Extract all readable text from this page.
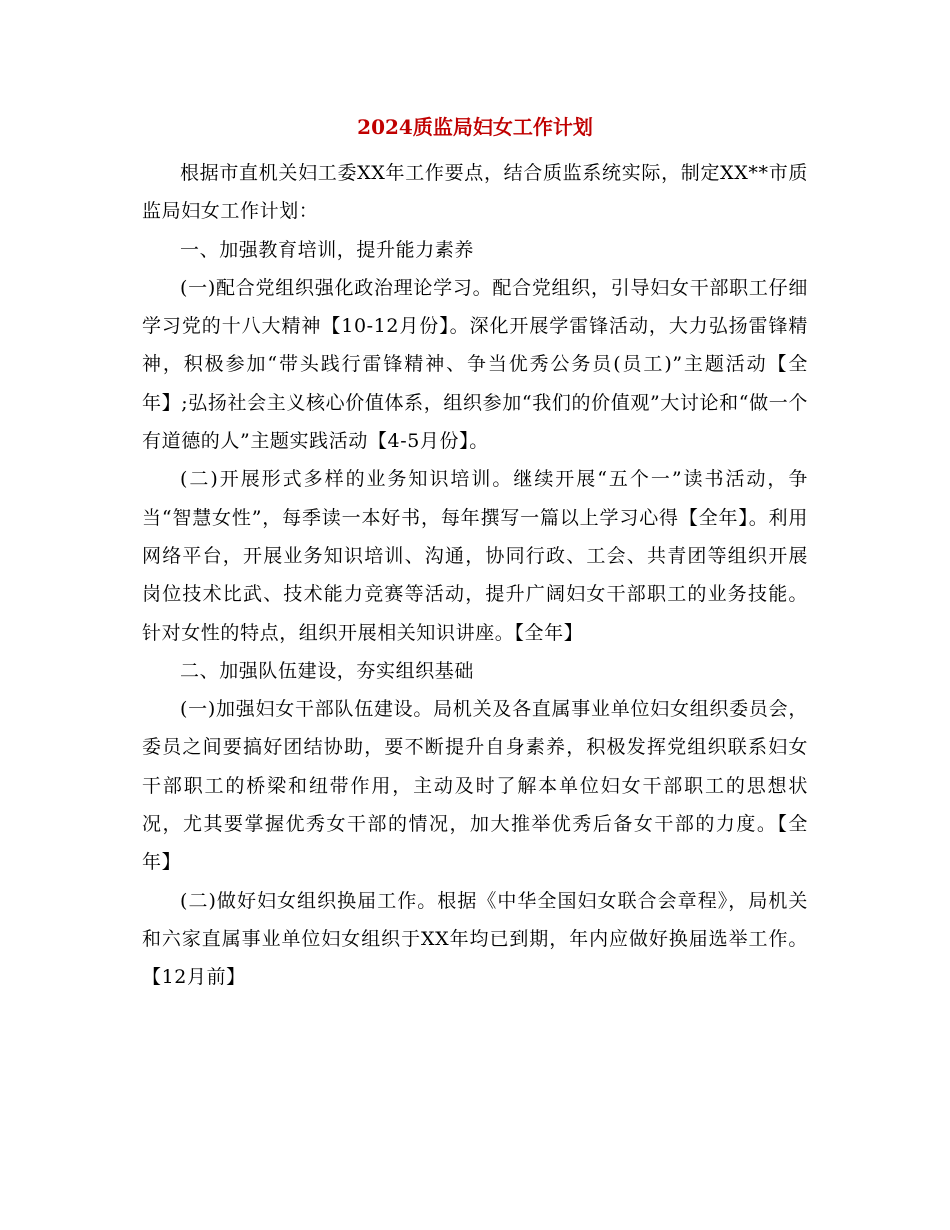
2024质监局妇女工作计划

根据市直机关妇工委XX年工作要点，结合质监系统实际，制定XX**市质监局妇女工作计划：

一、加强教育培训，提升能力素养

(一)配合党组织强化政治理论学习。配合党组织，引导妇女干部职工仔细学习党的十八大精神【10-12月份】。深化开展学雷锋活动，大力弘扬雷锋精神，积极参加“带头践行雷锋精神、争当优秀公务员(员工)”主题活动【全年】;弘扬社会主义核心价值体系，组织参加“我们的价值观”大讨论和“做一个有道德的人”主题实践活动【4-5月份】。

(二)开展形式多样的业务知识培训。继续开展“五个一”读书活动，争当“智慧女性”，每季读一本好书，每年撰写一篇以上学习心得【全年】。利用网络平台，开展业务知识培训、沟通，协同行政、工会、共青团等组织开展岗位技术比武、技术能力竞赛等活动，提升广阔妇女干部职工的业务技能。针对女性的特点，组织开展相关知识讲座。【全年】

二、加强队伍建设，夯实组织基础

(一)加强妇女干部队伍建设。局机关及各直属事业单位妇女组织委员会，委员之间要搞好团结协助，要不断提升自身素养，积极发挥党组织联系妇女干部职工的桥梁和纽带作用，主动及时了解本单位妇女干部职工的思想状况，尤其要掌握优秀女干部的情况，加大推举优秀后备女干部的力度。【全年】

(二)做好妇女组织换届工作。根据《中华全国妇女联合会章程》，局机关和六家直属事业单位妇女组织于XX年均已到期，年内应做好换届选举工作。【12月前】
